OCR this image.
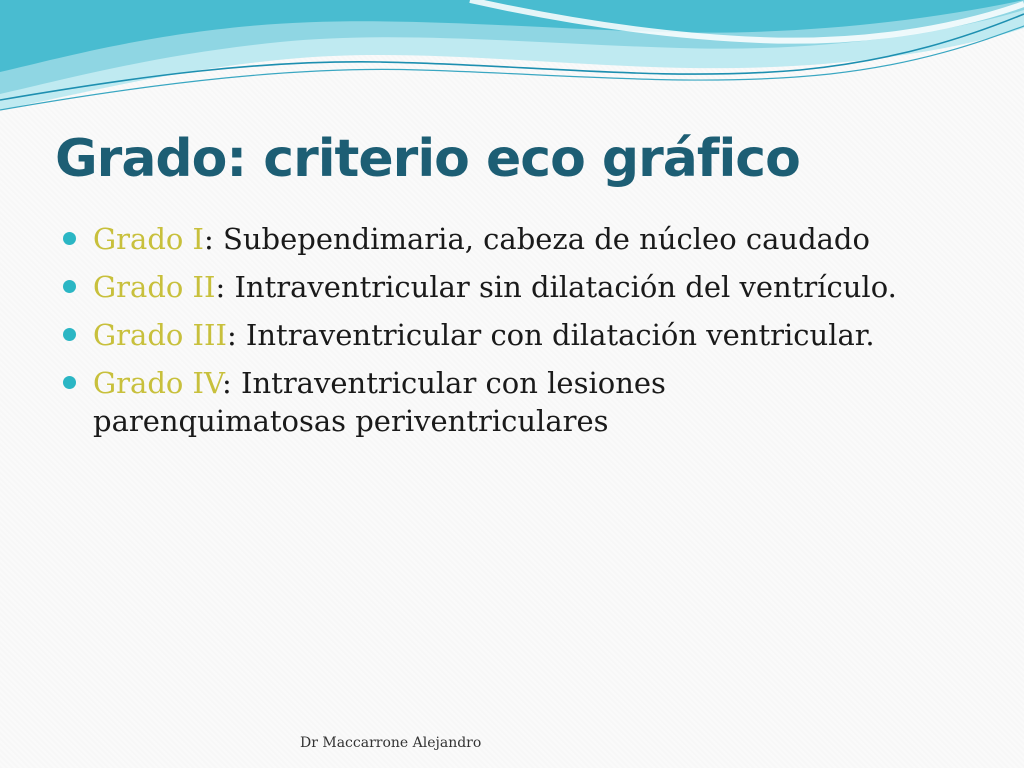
Grado: criterio eco gráfico
Grado I: Subependimaria, cabeza de núcleo caudado
Grado II: Intraventricular sin dilatación del ventrículo.
Grado III: Intraventricular con dilatación ventricular.
Grado IV: Intraventricular con lesiones
parenquimatosas periventriculares

Dr Maccarrone Alejandro
